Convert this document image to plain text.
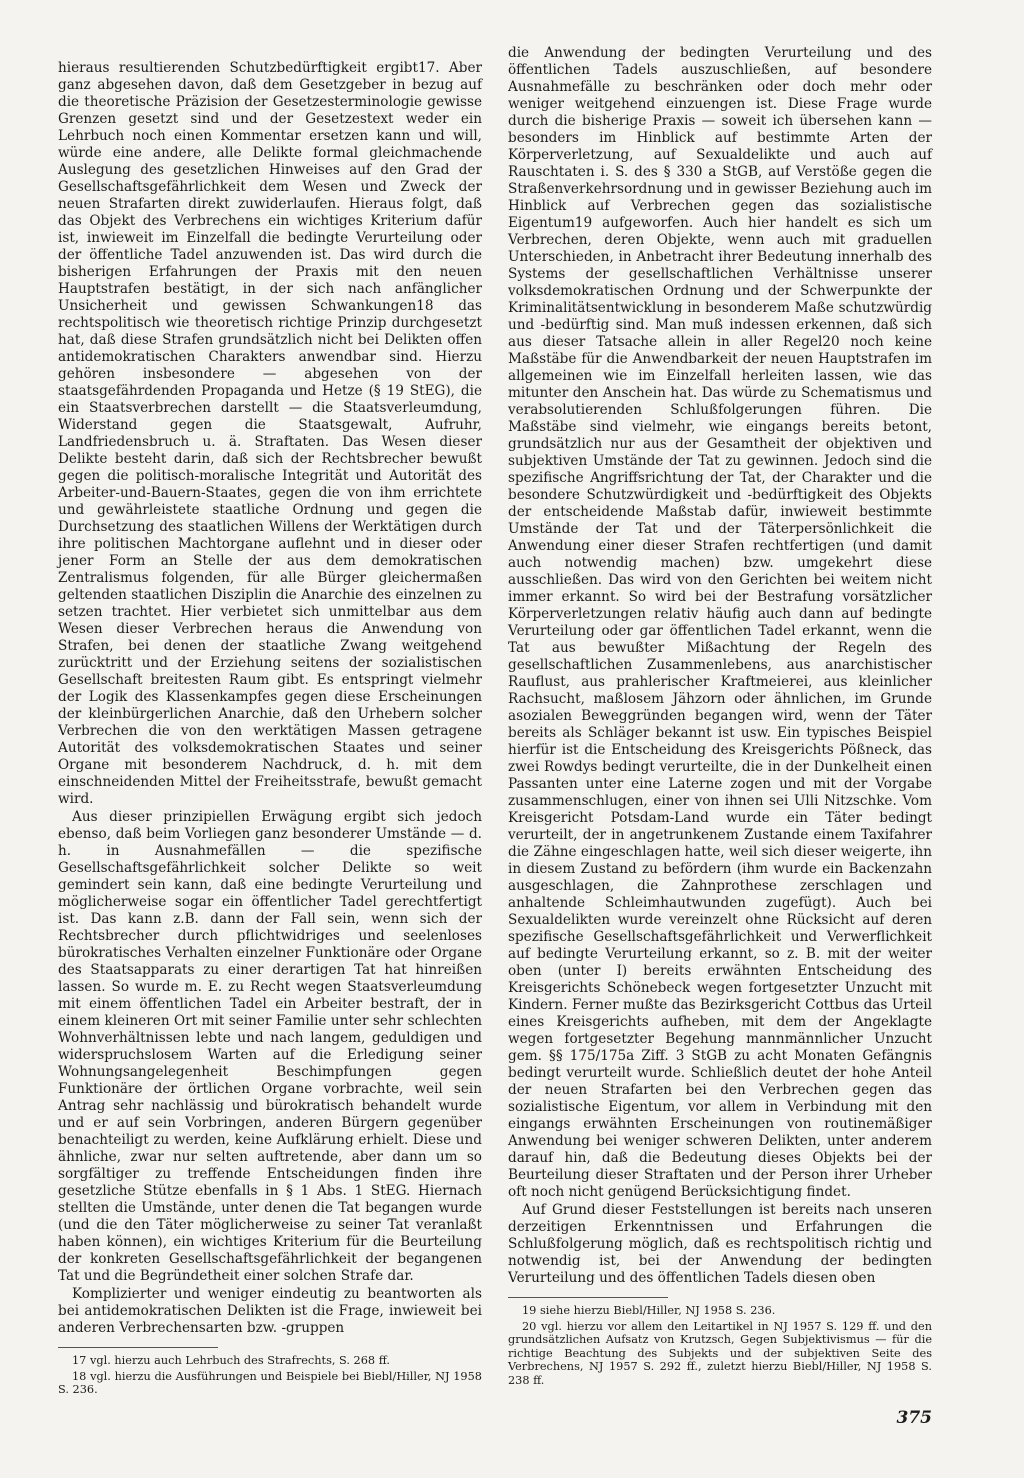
hieraus resultierenden Schutzbedürftigkeit ergibt17. Aber ganz abgesehen davon, daß dem Gesetzgeber in bezug auf die theoretische Präzision der Gesetzesterminologie gewisse Grenzen gesetzt sind und der Gesetzestext weder ein Lehrbuch noch einen Kommentar ersetzen kann und will, würde eine andere, alle Delikte formal gleichmachende Auslegung des gesetzlichen Hinweises auf den Grad der Gesellschaftsgefährlichkeit dem Wesen und Zweck der neuen Strafarten direkt zuwiderlaufen. Hieraus folgt, daß das Objekt des Verbrechens ein wichtiges Kriterium dafür ist, inwieweit im Einzelfall die bedingte Verurteilung oder der öffentliche Tadel anzuwenden ist. Das wird durch die bisherigen Erfahrungen der Praxis mit den neuen Hauptstrafen bestätigt, in der sich nach anfänglicher Unsicherheit und gewissen Schwankungen18 das rechtspolitisch wie theoretisch richtige Prinzip durchgesetzt hat, daß diese Strafen grundsätzlich nicht bei Delikten offen antidemokratischen Charakters anwendbar sind. Hierzu gehören insbesondere — abgesehen von der staatsgefährdenden Propaganda und Hetze (§ 19 StEG), die ein Staatsverbrechen darstellt — die Staatsverleumdung, Widerstand gegen die Staatsgewalt, Aufruhr, Landfriedensbruch u. ä. Straftaten. Das Wesen dieser Delikte besteht darin, daß sich der Rechtsbrecher bewußt gegen die politisch-moralische Integrität und Autorität des Arbeiter-und-Bauern-Staates, gegen die von ihm errichtete und gewährleistete staatliche Ordnung und gegen die Durchsetzung des staatlichen Willens der Werktätigen durch ihre politischen Machtorgane auflehnt und in dieser oder jener Form an Stelle der aus dem demokratischen Zentralismus folgenden, für alle Bürger gleichermaßen geltenden staatlichen Disziplin die Anarchie des einzelnen zu setzen trachtet. Hier verbietet sich unmittelbar aus dem Wesen dieser Verbrechen heraus die Anwendung von Strafen, bei denen der staatliche Zwang weitgehend zurücktritt und der Erziehung seitens der sozialistischen Gesellschaft breitesten Raum gibt. Es entspringt vielmehr der Logik des Klassenkampfes gegen diese Erscheinungen der kleinbürgerlichen Anarchie, daß den Urhebern solcher Verbrechen die von den werktätigen Massen getragene Autorität des volksdemokratischen Staates und seiner Organe mit besonderem Nachdruck, d. h. mit dem einschneidenden Mittel der Freiheitsstrafe, bewußt gemacht wird.

Aus dieser prinzipiellen Erwägung ergibt sich jedoch ebenso, daß beim Vorliegen ganz besonderer Umstände — d. h. in Ausnahmefällen — die spezifische Gesellschaftsgefährlichkeit solcher Delikte so weit gemindert sein kann, daß eine bedingte Verurteilung und möglicherweise sogar ein öffentlicher Tadel gerechtfertigt ist. Das kann z.B. dann der Fall sein, wenn sich der Rechtsbrecher durch pflichtwidriges und seelenloses bürokratisches Verhalten einzelner Funktionäre oder Organe des Staatsapparats zu einer derartigen Tat hat hinreißen lassen. So wurde m. E. zu Recht wegen Staatsverleumdung mit einem öffentlichen Tadel ein Arbeiter bestraft, der in einem kleineren Ort mit seiner Familie unter sehr schlechten Wohnverhältnissen lebte und nach langem, geduldigen und widerspruchslosem Warten auf die Erledigung seiner Wohnungsangelegenheit Beschimpfungen gegen Funktionäre der örtlichen Organe vorbrachte, weil sein Antrag sehr nachlässig und bürokratisch behandelt wurde und er auf sein Vorbringen, anderen Bürgern gegenüber benachteiligt zu werden, keine Aufklärung erhielt. Diese und ähnliche, zwar nur selten auftretende, aber dann um so sorgfältiger zu treffende Entscheidungen finden ihre gesetzliche Stütze ebenfalls in § 1 Abs. 1 StEG. Hiernach stellten die Umstände, unter denen die Tat begangen wurde (und die den Täter möglicherweise zu seiner Tat veranlaßt haben können), ein wichtiges Kriterium für die Beurteilung der konkreten Gesellschaftsgefährlichkeit der begangenen Tat und die Begründetheit einer solchen Strafe dar.

Komplizierter und weniger eindeutig zu beantworten als bei antidemokratischen Delikten ist die Frage, inwieweit bei anderen Verbrechensarten bzw. -gruppen

17 vgl. hierzu auch Lehrbuch des Strafrechts, S. 268 ff.

18 vgl. hierzu die Ausführungen und Beispiele bei Biebl/Hiller, NJ 1958 S. 236.

die Anwendung der bedingten Verurteilung und des öffentlichen Tadels auszuschließen, auf besondere Ausnahmefälle zu beschränken oder doch mehr oder weniger weitgehend einzuengen ist. Diese Frage wurde durch die bisherige Praxis — soweit ich übersehen kann — besonders im Hinblick auf bestimmte Arten der Körperverletzung, auf Sexualdelikte und auch auf Rauschtaten i. S. des § 330 a StGB, auf Verstöße gegen die Straßenverkehrsordnung und in gewisser Beziehung auch im Hinblick auf Verbrechen gegen das sozialistische Eigentum19 aufgeworfen. Auch hier handelt es sich um Verbrechen, deren Objekte, wenn auch mit graduellen Unterschieden, in Anbetracht ihrer Bedeutung innerhalb des Systems der gesellschaftlichen Verhältnisse unserer volksdemokratischen Ordnung und der Schwerpunkte der Kriminalitätsentwicklung in besonderem Maße schutzwürdig und -bedürftig sind. Man muß indessen erkennen, daß sich aus dieser Tatsache allein in aller Regel20 noch keine Maßstäbe für die Anwendbarkeit der neuen Hauptstrafen im allgemeinen wie im Einzelfall herleiten lassen, wie das mitunter den Anschein hat. Das würde zu Schematismus und verabsolutierenden Schlußfolgerungen führen. Die Maßstäbe sind vielmehr, wie eingangs bereits betont, grundsätzlich nur aus der Gesamtheit der objektiven und subjektiven Umstände der Tat zu gewinnen. Jedoch sind die spezifische Angriffsrichtung der Tat, der Charakter und die besondere Schutzwürdigkeit und -bedürftigkeit des Objekts der entscheidende Maßstab dafür, inwieweit bestimmte Umstände der Tat und der Täterpersönlichkeit die Anwendung einer dieser Strafen rechtfertigen (und damit auch notwendig machen) bzw. umgekehrt diese ausschließen. Das wird von den Gerichten bei weitem nicht immer erkannt. So wird bei der Bestrafung vorsätzlicher Körperverletzungen relativ häufig auch dann auf bedingte Verurteilung oder gar öffentlichen Tadel erkannt, wenn die Tat aus bewußter Mißachtung der Regeln des gesellschaftlichen Zusammenlebens, aus anarchistischer Rauflust, aus prahlerischer Kraftmeierei, aus kleinlicher Rachsucht, maßlosem Jähzorn oder ähnlichen, im Grunde asozialen Beweggründen begangen wird, wenn der Täter bereits als Schläger bekannt ist usw. Ein typisches Beispiel hierfür ist die Entscheidung des Kreisgerichts Pößneck, das zwei Rowdys bedingt verurteilte, die in der Dunkelheit einen Passanten unter eine Laterne zogen und mit der Vorgabe zusammenschlugen, einer von ihnen sei Ulli Nitzschke. Vom Kreisgericht Potsdam-Land wurde ein Täter bedingt verurteilt, der in angetrunkenem Zustande einem Taxifahrer die Zähne eingeschlagen hatte, weil sich dieser weigerte, ihn in diesem Zustand zu befördern (ihm wurde ein Backenzahn ausgeschlagen, die Zahnprothese zerschlagen und anhaltende Schleimhautwunden zugefügt). Auch bei Sexualdelikten wurde vereinzelt ohne Rücksicht auf deren spezifische Gesellschaftsgefährlichkeit und Verwerflichkeit auf bedingte Verurteilung erkannt, so z. B. mit der weiter oben (unter I) bereits erwähnten Entscheidung des Kreisgerichts Schönebeck wegen fortgesetzter Unzucht mit Kindern. Ferner mußte das Bezirksgericht Cottbus das Urteil eines Kreisgerichts aufheben, mit dem der Angeklagte wegen fortgesetzter Begehung mannmännlicher Unzucht gem. §§ 175/175a Ziff. 3 StGB zu acht Monaten Gefängnis bedingt verurteilt wurde. Schließlich deutet der hohe Anteil der neuen Strafarten bei den Verbrechen gegen das sozialistische Eigentum, vor allem in Verbindung mit den eingangs erwähnten Erscheinungen von routinemäßiger Anwendung bei weniger schweren Delikten, unter anderem darauf hin, daß die Bedeutung dieses Objekts bei der Beurteilung dieser Straftaten und der Person ihrer Urheber oft noch nicht genügend Berücksichtigung findet.

Auf Grund dieser Feststellungen ist bereits nach unseren derzeitigen Erkenntnissen und Erfahrungen die Schlußfolgerung möglich, daß es rechtspolitisch richtig und notwendig ist, bei der Anwendung der bedingten Verurteilung und des öffentlichen Tadels diesen oben

19 siehe hierzu Biebl/Hiller, NJ 1958 S. 236.

20 vgl. hierzu vor allem den Leitartikel in NJ 1957 S. 129 ff. und den grundsätzlichen Aufsatz von Krutzsch, Gegen Subjektivismus — für die richtige Beachtung des Subjekts und der subjektiven Seite des Verbrechens, NJ 1957 S. 292 ff., zuletzt hierzu Biebl/Hiller, NJ 1958 S. 238 ff.

375
